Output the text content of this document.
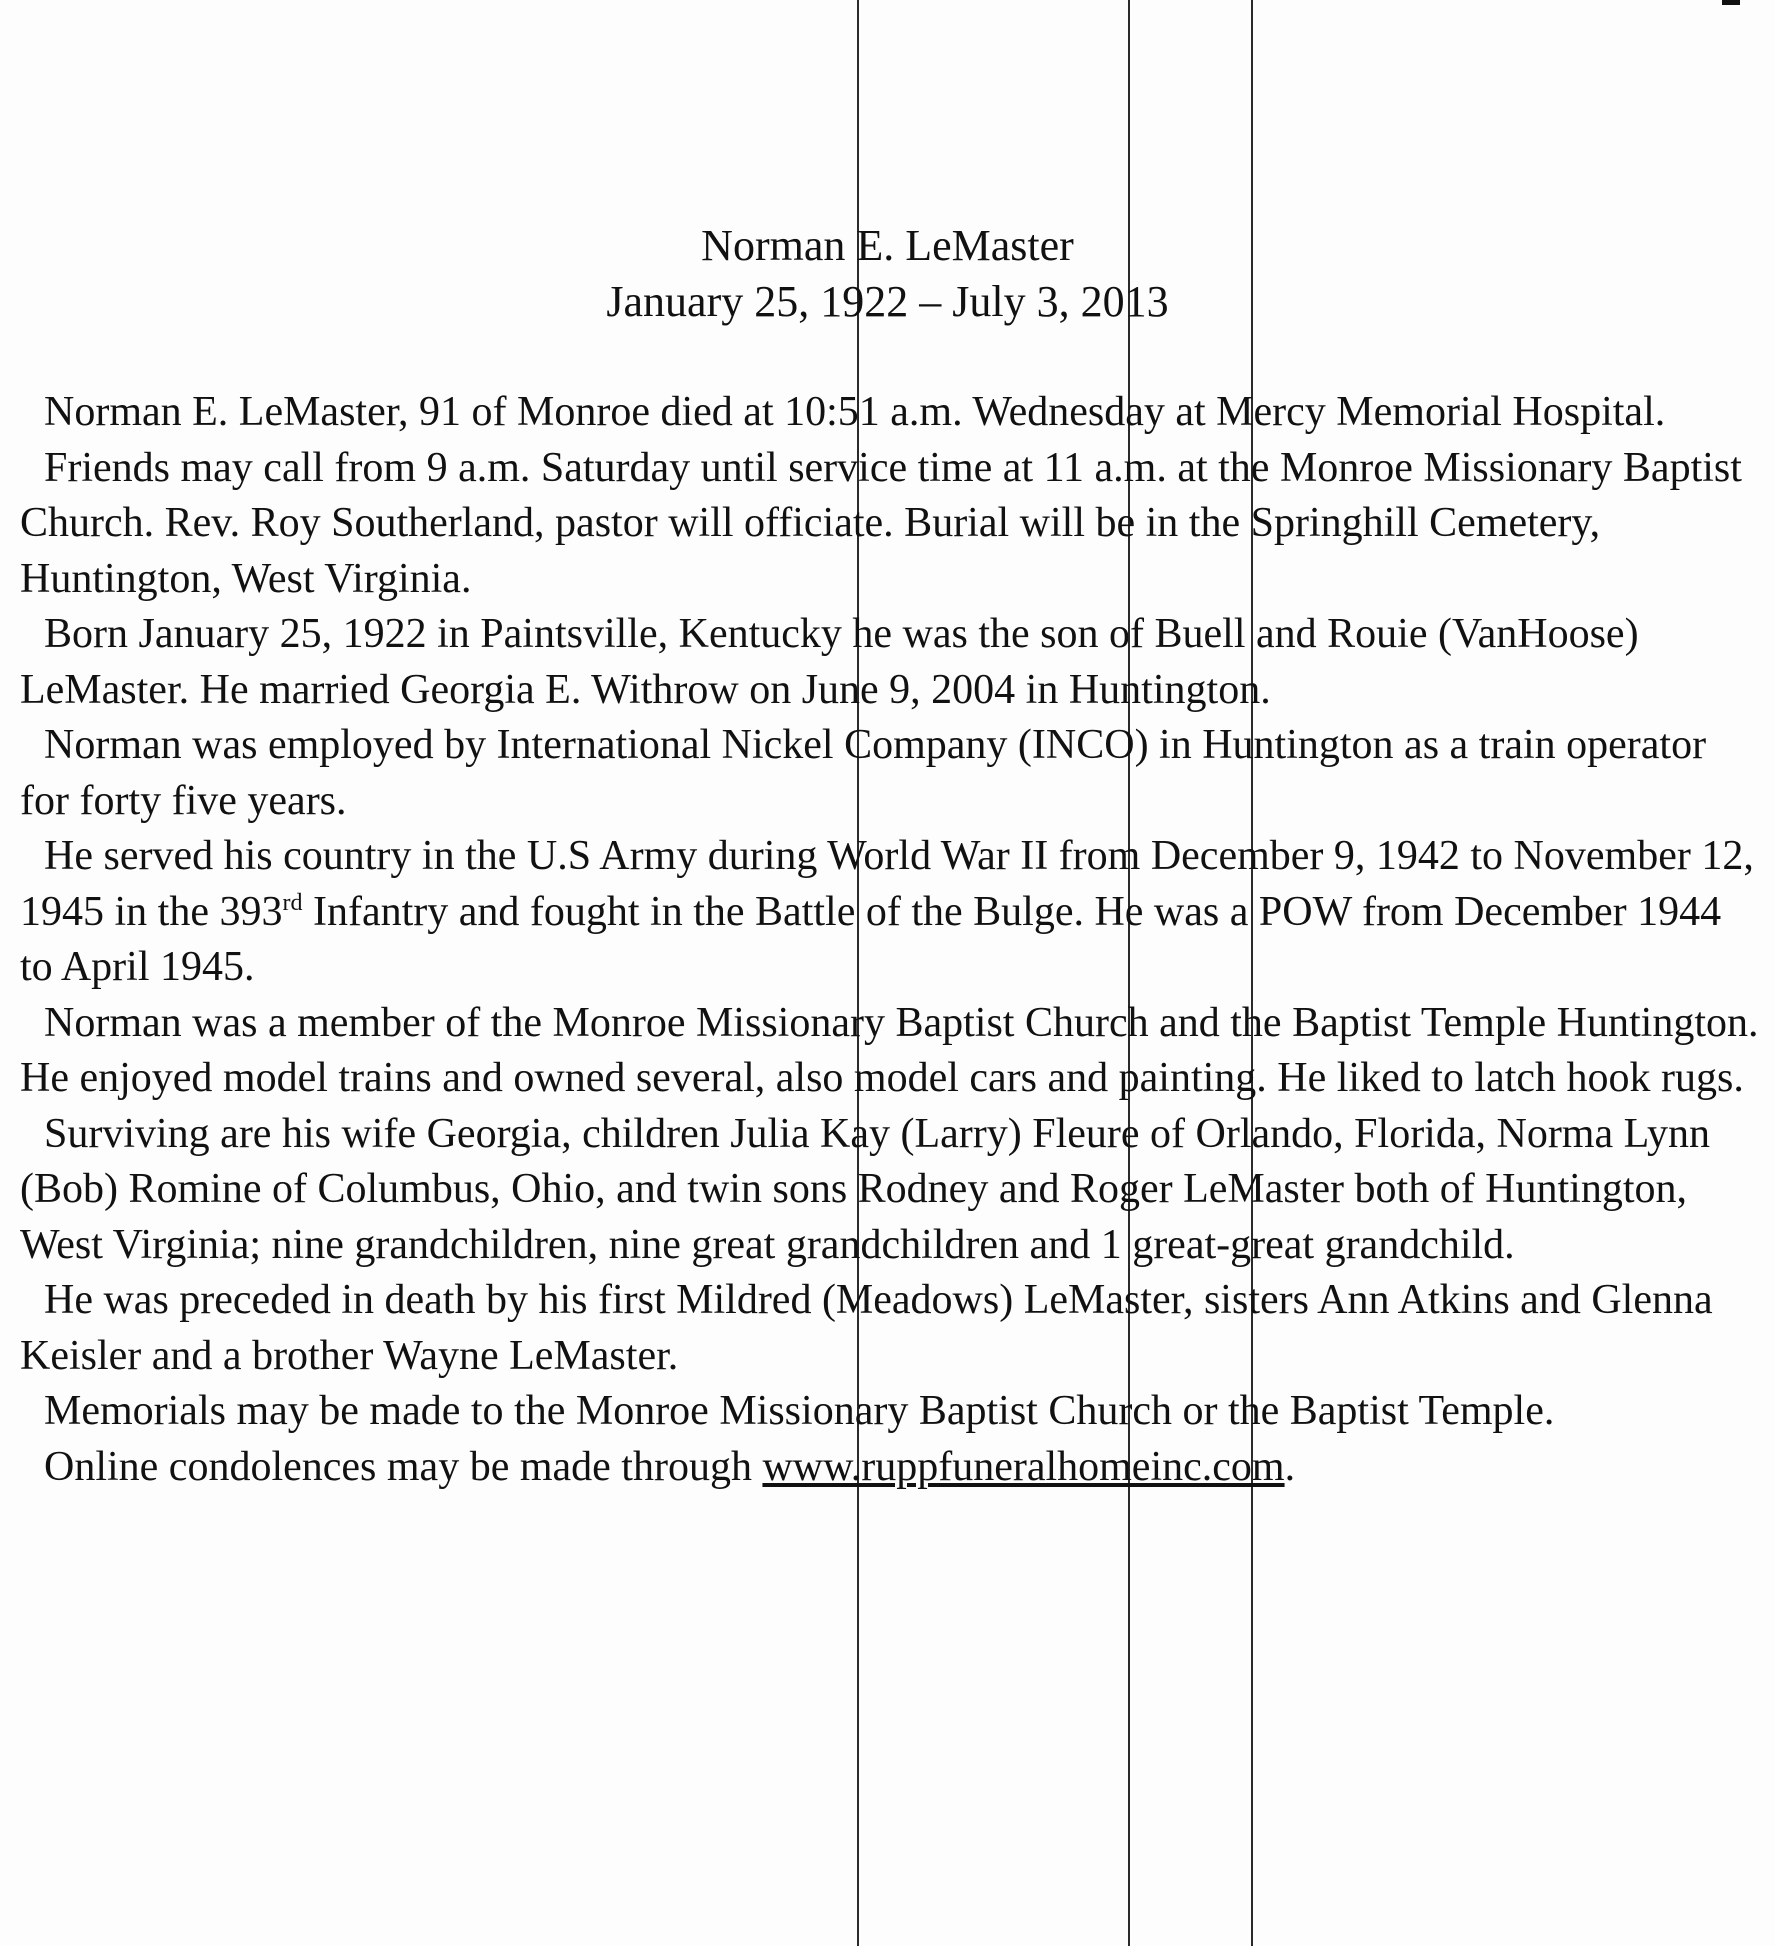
Norman E. LeMaster
January 25, 1922 – July 3, 2013

Norman E. LeMaster, 91 of Monroe died at 10:51 a.m. Wednesday at Mercy Memorial Hospital.

Friends may call from 9 a.m. Saturday until service time at 11 a.m. at the Monroe Missionary Baptist Church. Rev. Roy Southerland, pastor will officiate. Burial will be in the Springhill Cemetery, Huntington, West Virginia.

Born January 25, 1922 in Paintsville, Kentucky he was the son of Buell and Rouie (VanHoose) LeMaster. He married Georgia E. Withrow on June 9, 2004 in Huntington.

Norman was employed by International Nickel Company (INCO) in Huntington as a train operator for forty five years.

He served his country in the U.S Army during World War II from December 9, 1942 to November 12, 1945 in the 393rd Infantry and fought in the Battle of the Bulge. He was a POW from December 1944 to April 1945.

Norman was a member of the Monroe Missionary Baptist Church and the Baptist Temple Huntington. He enjoyed model trains and owned several, also model cars and painting. He liked to latch hook rugs.

Surviving are his wife Georgia, children Julia Kay (Larry) Fleure of Orlando, Florida, Norma Lynn (Bob) Romine of Columbus, Ohio, and twin sons Rodney and Roger LeMaster both of Huntington, West Virginia; nine grandchildren, nine great grandchildren and 1 great-great grandchild.

He was preceded in death by his first Mildred (Meadows) LeMaster, sisters Ann Atkins and Glenna Keisler and a brother Wayne LeMaster.

Memorials may be made to the Monroe Missionary Baptist Church or the Baptist Temple.

Online condolences may be made through www.ruppfuneralhomeinc.com.
